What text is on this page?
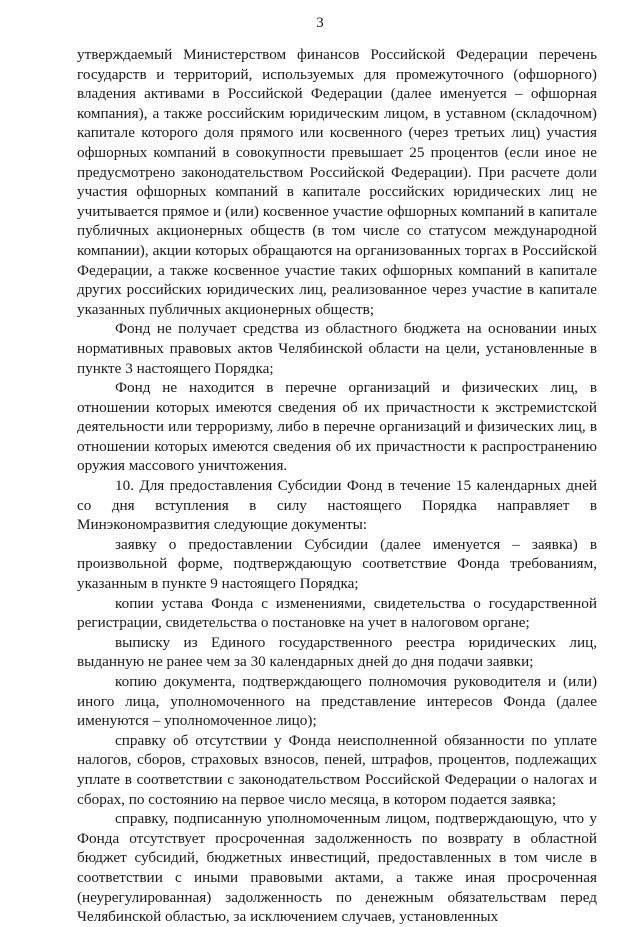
3

утверждаемый Министерством финансов Российской Федерации перечень государств и территорий, используемых для промежуточного (офшорного) владения активами в Российской Федерации (далее именуется – офшорная компания), а также российским юридическим лицом, в уставном (складочном) капитале которого доля прямого или косвенного (через третьих лиц) участия офшорных компаний в совокупности превышает 25 процентов (если иное не предусмотрено законодательством Российской Федерации). При расчете доли участия офшорных компаний в капитале российских юридических лиц не учитывается прямое и (или) косвенное участие офшорных компаний в капитале публичных акционерных обществ (в том числе со статусом международной компании), акции которых обращаются на организованных торгах в Российской Федерации, а также косвенное участие таких офшорных компаний в капитале других российских юридических лиц, реализованное через участие в капитале указанных публичных акционерных обществ;

Фонд не получает средства из областного бюджета на основании иных нормативных правовых актов Челябинской области на цели, установленные в пункте 3 настоящего Порядка;

Фонд не находится в перечне организаций и физических лиц, в отношении которых имеются сведения об их причастности к экстремистской деятельности или терроризму, либо в перечне организаций и физических лиц, в отношении которых имеются сведения об их причастности к распространению оружия массового уничтожения.

10. Для предоставления Субсидии Фонд в течение 15 календарных дней со дня вступления в силу настоящего Порядка направляет в Минэкономразвития следующие документы:

заявку о предоставлении Субсидии (далее именуется – заявка) в произвольной форме, подтверждающую соответствие Фонда требованиям, указанным в пункте 9 настоящего Порядка;

копии устава Фонда с изменениями, свидетельства о государственной регистрации, свидетельства о постановке на учет в налоговом органе;

выписку из Единого государственного реестра юридических лиц, выданную не ранее чем за 30 календарных дней до дня подачи заявки;

копию документа, подтверждающего полномочия руководителя и (или) иного лица, уполномоченного на представление интересов Фонда (далее именуются – уполномоченное лицо);

справку об отсутствии у Фонда неисполненной обязанности по уплате налогов, сборов, страховых взносов, пеней, штрафов, процентов, подлежащих уплате в соответствии с законодательством Российской Федерации о налогах и сборах, по состоянию на первое число месяца, в котором подается заявка;

справку, подписанную уполномоченным лицом, подтверждающую, что у Фонда отсутствует просроченная задолженность по возврату в областной бюджет субсидий, бюджетных инвестиций, предоставленных в том числе в соответствии с иными правовыми актами, а также иная просроченная (неурегулированная) задолженность по денежным обязательствам перед Челябинской областью, за исключением случаев, установленных
